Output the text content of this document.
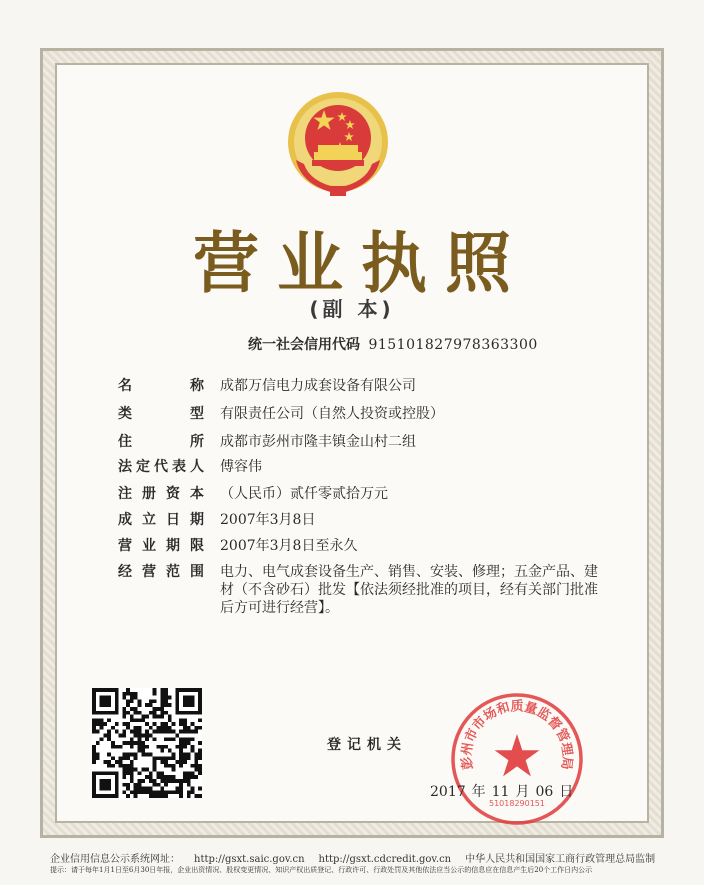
营业执照
(副 本)
统一社会信用代码 915101827978363300
名	称 成都万信电力成套设备有限公司
类	型 有限责任公司（自然人投资或控股）
住	所 成都市彭州市隆丰镇金山村二组
法 定 代 表 人 傅容伟
注 册 资 本 （人民币）贰仟零贰拾万元
成 立 日 期 2007年3月8日
营 业 期 限 2007年3月8日至永久
经 营 范 围 电力、电气成套设备生产、销售、安装、修理；五金产品、建材（不含砂石）批发【依法须经批准的项目，经有关部门批准后方可进行经营】。
登记机关
彭州市市场和质量监督管理局
51018290151
2017 年 11 月 06 日
企业信用信息公示系统网址： http://gsxt.saic.gov.cn http://gsxt.cdcredit.gov.cn 中华人民共和国国家工商行政管理总局监制
提示：请于每年1月1日至6月30日年报，企业出资情况、股权变更情况、知识产权出质登记、行政许可、行政处罚及其他依法应当公示的信息应在信息产生后20个工作日内公示
